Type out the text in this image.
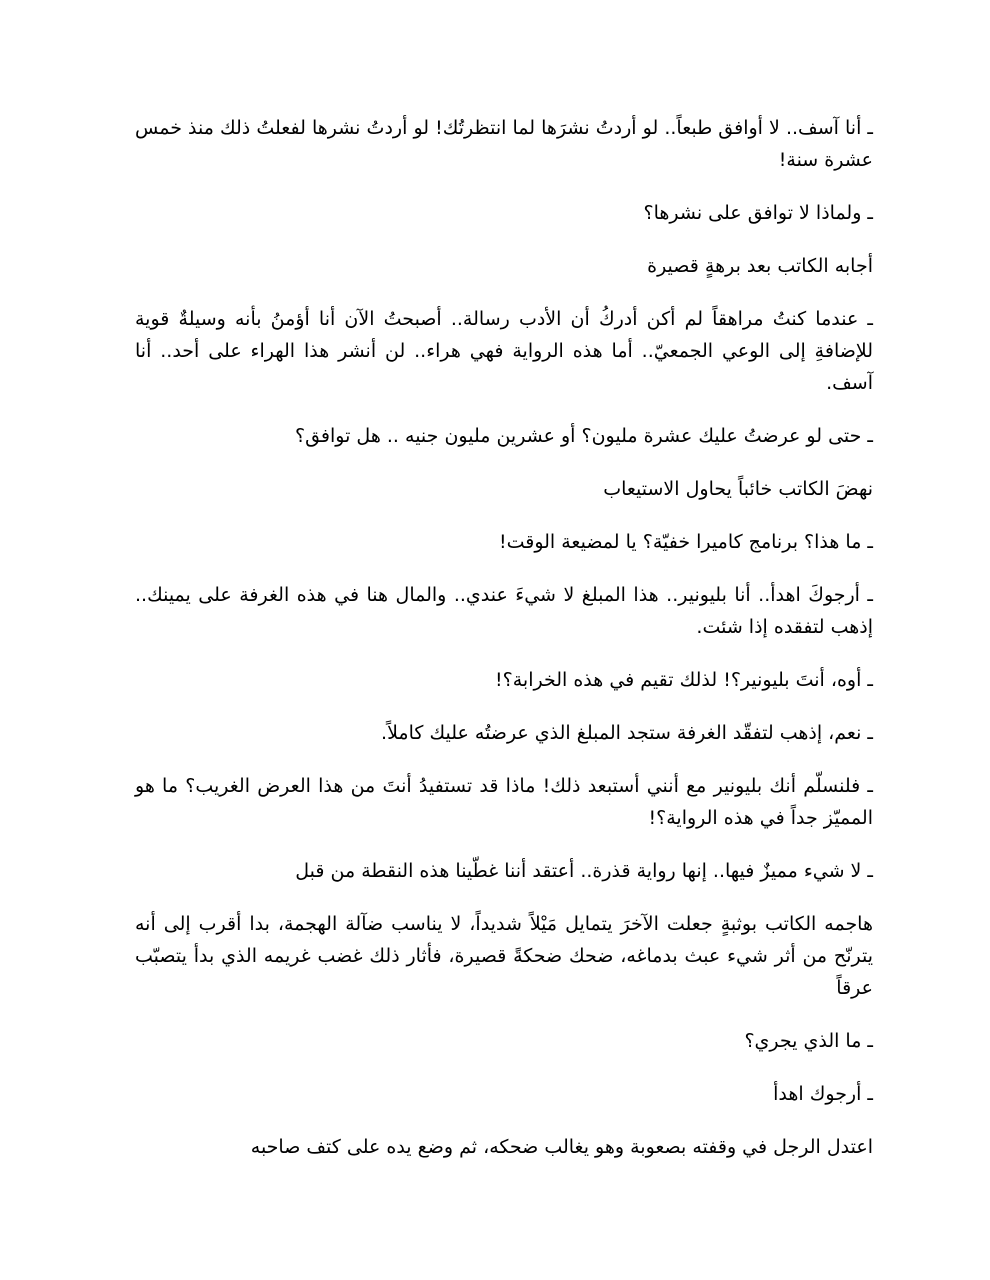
ـ أنا آسف.. لا أوافق طبعاً.. لو أردتُ نشرَها لما انتظرتُك! لو أردتُ نشرها لفعلتُ ذلك منذ خمس عشرة سنة!

ـ ولماذا لا توافق على نشرها؟

أجابه الكاتب بعد برهةٍ قصيرة

ـ عندما كنتُ مراهقاً لم أكن أدركُ أن الأدب رسالة.. أصبحتُ الآن أنا أؤمنُ بأنه وسيلةٌ قوية للإضافةِ إلى الوعي الجمعيّ.. أما هذه الرواية فهي هراء.. لن أنشر هذا الهراء على أحد.. أنا آسف.

ـ حتى لو عرضتُ عليك عشرة مليون؟ أو عشرين مليون جنيه .. هل توافق؟

نهضَ الكاتب خائباً يحاول الاستيعاب

ـ ما هذا؟ برنامج كاميرا خفيّة؟ يا لمضيعة الوقت!

ـ أرجوكَ اهدأ.. أنا بليونير.. هذا المبلغ لا شيءَ عندي.. والمال هنا في هذه الغرفة على يمينك.. إذهب لتفقده إذا شئت.

ـ أوه، أنتَ بليونير؟! لذلك تقيم في هذه الخرابة؟!

ـ نعم، إذهب لتفقّد الغرفة ستجد المبلغ الذي عرضتُه عليك كاملاً.

ـ فلنسلّم أنك بليونير مع أنني أستبعد ذلك! ماذا قد تستفيدُ أنتَ من هذا العرض الغريب؟ ما هو المميّز جداً في هذه الرواية؟!

ـ لا شيء مميزٌ فيها.. إنها رواية قذرة.. أعتقد أننا غطّينا هذه النقطة من قبل

هاجمه الكاتب بوثبةٍ جعلت الآخرَ يتمايل مَيْلاً شديداً، لا يناسب ضآلة الهجمة، بدا أقرب إلى أنه يترنّح من أثر شيء عبث بدماغه، ضحك ضحكةً قصيرة، فأثار ذلك غضب غريمه الذي بدأ يتصبّب عرقاً

ـ ما الذي يجري؟

ـ أرجوك اهدأ

اعتدل الرجل في وقفته بصعوبة وهو يغالب ضحكه، ثم وضع يده على كتف صاحبه
